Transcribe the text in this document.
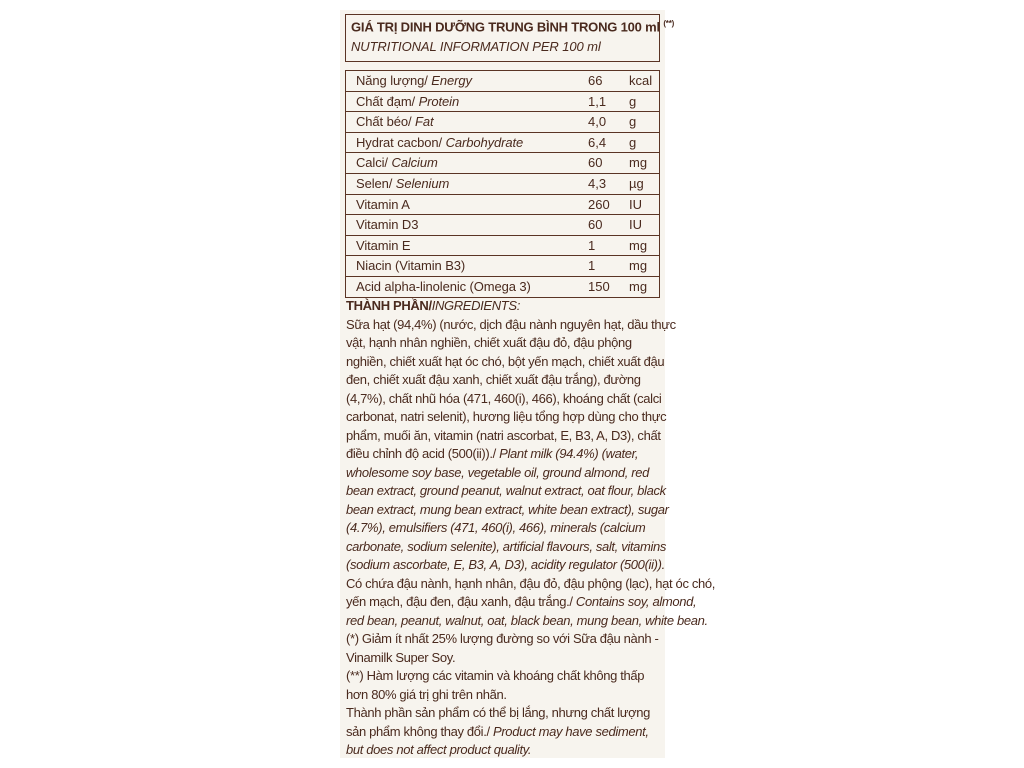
GIÁ TRỊ DINH DƯỠNG TRUNG BÌNH TRONG 100 ml (**)
NUTRITIONAL INFORMATION PER 100 ml
Năng lượng/ Energy	66 kcal
Chất đạm/ Protein	1,1 g
Chất béo/ Fat	4,0 g
Hydrat cacbon/ Carbohydrate	6,4 g
Calci/ Calcium	60 mg
Selen/ Selenium	4,3 µg
Vitamin A	260 IU
Vitamin D3	60 IU
Vitamin E	1	mg
Niacin (Vitamin B3)	1	mg
Acid alpha-linolenic (Omega 3)	150 mg
THÀNH PHẦN/INGREDIENTS:
Sữa hạt (94,4%) (nước, dịch đậu nành nguyên hạt, dầu thực
vật, hạnh nhân nghiền, chiết xuất đậu đỏ, đậu phộng
nghiền, chiết xuất hạt óc chó, bột yến mạch, chiết xuất đậu
đen, chiết xuất đậu xanh, chiết xuất đậu trắng), đường
(4,7%), chất nhũ hóa (471, 460(i), 466), khoáng chất (calci
carbonat, natri selenit), hương liệu tổng hợp dùng cho thực
phẩm, muối ăn, vitamin (natri ascorbat, E, B3, A, D3), chất
điều chỉnh độ acid (500(ii))./ Plant milk (94.4%) (water,
wholesome soy base, vegetable oil, ground almond, red
bean extract, ground peanut, walnut extract, oat flour, black
bean extract, mung bean extract, white bean extract), sugar
(4.7%), emulsifiers (471, 460(i), 466), minerals (calcium
carbonate, sodium selenite), artificial flavours, salt, vitamins
(sodium ascorbate, E, B3, A, D3), acidity regulator (500(ii)).
Có chứa đậu nành, hạnh nhân, đậu đỏ, đậu phộng (lạc), hạt óc chó,
yến mạch, đậu đen, đậu xanh, đậu trắng./ Contains soy, almond,
red bean, peanut, walnut, oat, black bean, mung bean, white bean.
(*) Giảm ít nhất 25% lượng đường so với Sữa đậu nành -
Vinamilk Super Soy.
(**) Hàm lượng các vitamin và khoáng chất không thấp
hơn 80% giá trị ghi trên nhãn.
Thành phần sản phẩm có thể bị lắng, nhưng chất lượng
sản phẩm không thay đổi./ Product may have sediment,
but does not affect product quality.
